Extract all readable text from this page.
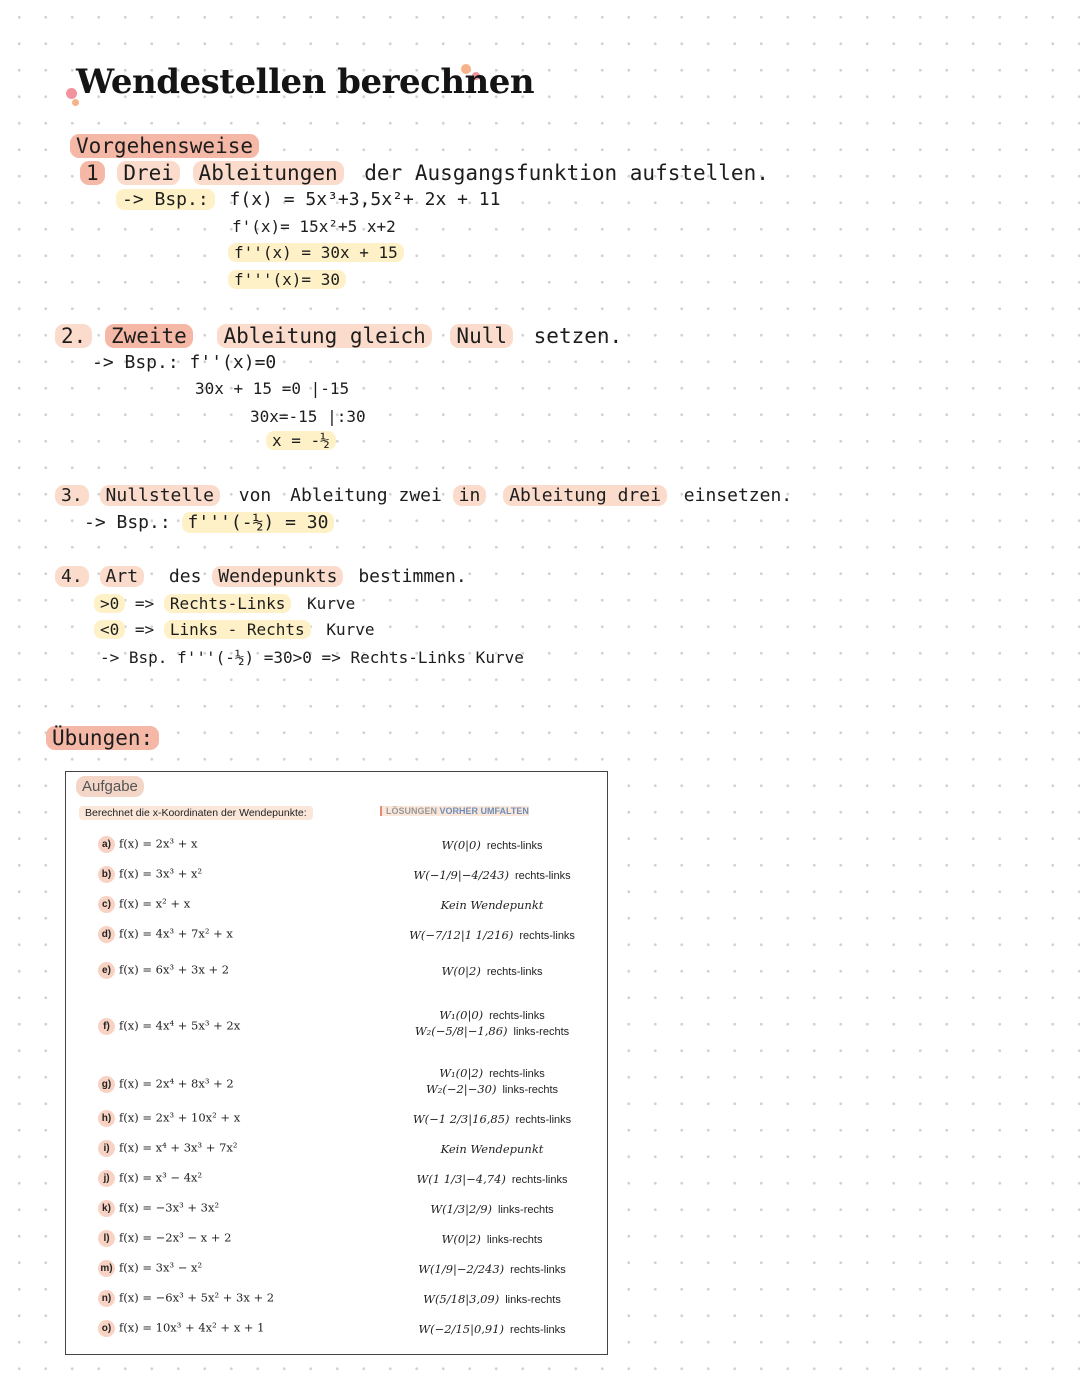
Wendestellen berechnen
Vorgehensweise
1 Drei Ableitungen der Ausgangsfunktion aufstellen.
-> Bsp.: f(x) = 5x³+3,5x²+ 2x + 11
f'(x)= 15x²+5 x+2
f''(x) = 30x + 15
f'''(x)= 30
2. Zweite Ableitung gleich Null setzen.
-> Bsp.: f''(x)=0
30x + 15 =0 |-15
30x=-15 |:30
x = -½
3. Nullstelle von Ableitung zwei in Ableitung drei einsetzen.
-> Bsp.: f'''(-½) = 30
4. Art des Wendepunkts bestimmen.
>0 => Rechts-Links Kurve
<0 => Links - Rechts Kurve
-> Bsp. f'''(-½) =30>0 => Rechts-Links Kurve
Übungen:
Aufgabe
Berechnet die x-Koordinaten der Wendepunkte:	LÖSUNGEN VORHER UMFALTEN
a) f(x) = 2x³ + x	W(0|0) rechts-links
b) f(x) = 3x³ + x²	W(−1/9|−4/243) rechts-links
c) f(x) = x² + x	Kein Wendepunkt
d) f(x) = 4x³ + 7x² + x	W(−7/12|1 1/216) rechts-links
e) f(x) = 6x³ + 3x + 2	W(0|2) rechts-links
f) f(x) = 4x⁴ + 5x³ + 2x
W₁(0|0) rechts-links
W₂(−5/8|−1,86) links-rechts
g) f(x) = 2x⁴ + 8x³ + 2
W₁(0|2) rechts-links
W₂(−2|−30) links-rechts
h) f(x) = 2x³ + 10x² + x	W(−1 2/3|16,85) rechts-links
i) f(x) = x⁴ + 3x³ + 7x²	Kein Wendepunkt
j) f(x) = x³ − 4x²	W(1 1/3|−4,74) rechts-links
k) f(x) = −3x³ + 3x²	W(1/3|2/9) links-rechts
l) f(x) = −2x³ − x + 2	W(0|2) links-rechts
m) f(x) = 3x³ − x²	W(1/9|−2/243) rechts-links
n) f(x) = −6x³ + 5x² + 3x + 2	W(5/18|3,09) links-rechts
o) f(x) = 10x³ + 4x² + x + 1	W(−2/15|0,91) rechts-links
